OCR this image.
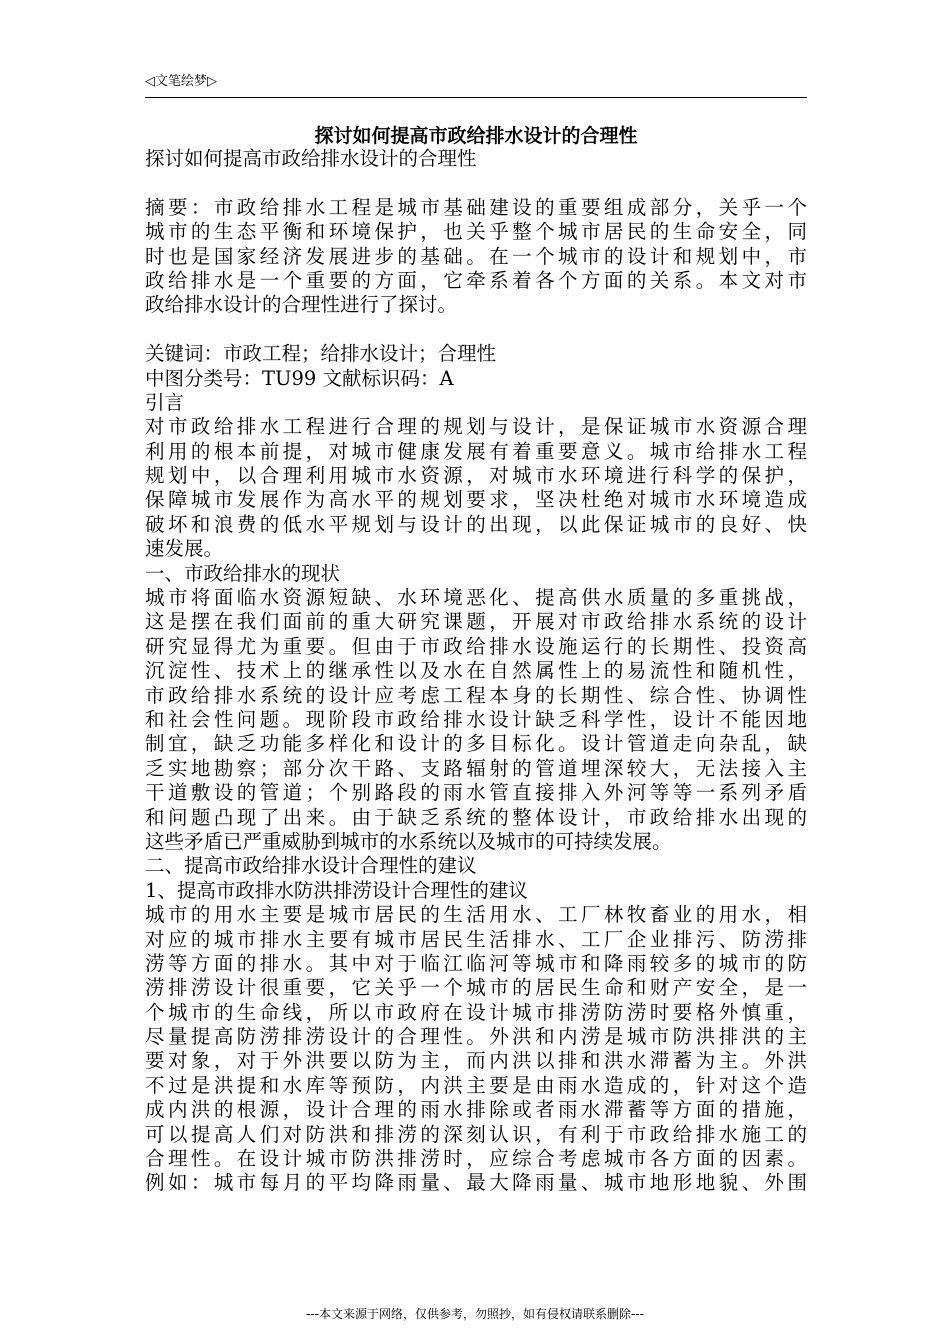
◁文笔绘梦▷
探讨如何提高市政给排水设计的合理性
探讨如何提高市政给排水设计的合理性
摘要：市政给排水工程是城市基础建设的重要组成部分，关乎一个
城市的生态平衡和环境保护，也关乎整个城市居民的生命安全，同
时也是国家经济发展进步的基础。在一个城市的设计和规划中，市
政给排水是一个重要的方面，它牵系着各个方面的关系。本文对市
政给排水设计的合理性进行了探讨。
关键词：市政工程；给排水设计；合理性
中图分类号：TU99 文献标识码：A
引言
对市政给排水工程进行合理的规划与设计，是保证城市水资源合理
利用的根本前提，对城市健康发展有着重要意义。城市给排水工程
规划中，以合理利用城市水资源，对城市水环境进行科学的保护，
保障城市发展作为高水平的规划要求，坚决杜绝对城市水环境造成
破坏和浪费的低水平规划与设计的出现，以此保证城市的良好、快
速发展。
一、市政给排水的现状
城市将面临水资源短缺、水环境恶化、提高供水质量的多重挑战，
这是摆在我们面前的重大研究课题，开展对市政给排水系统的设计
研究显得尤为重要。但由于市政给排水设施运行的长期性、投资高
沉淀性、技术上的继承性以及水在自然属性上的易流性和随机性，
市政给排水系统的设计应考虑工程本身的长期性、综合性、协调性
和社会性问题。现阶段市政给排水设计缺乏科学性，设计不能因地
制宜，缺乏功能多样化和设计的多目标化。设计管道走向杂乱，缺
乏实地勘察；部分次干路、支路辐射的管道埋深较大，无法接入主
干道敷设的管道；个别路段的雨水管直接排入外河等等一系列矛盾
和问题凸现了出来。由于缺乏系统的整体设计，市政给排水出现的
这些矛盾已严重威胁到城市的水系统以及城市的可持续发展。
二、提高市政给排水设计合理性的建议
1、提高市政排水防洪排涝设计合理性的建议
城市的用水主要是城市居民的生活用水、工厂林牧畜业的用水，相
对应的城市排水主要有城市居民生活排水、工厂企业排污、防涝排
涝等方面的排水。其中对于临江临河等城市和降雨较多的城市的防
涝排涝设计很重要，它关乎一个城市的居民生命和财产安全，是一
个城市的生命线，所以市政府在设计城市排涝防涝时要格外慎重，
尽量提高防涝排涝设计的合理性。外洪和内涝是城市防洪排洪的主
要对象，对于外洪要以防为主，而内洪以排和洪水滞蓄为主。外洪
不过是洪提和水库等预防，内洪主要是由雨水造成的，针对这个造
成内洪的根源，设计合理的雨水排除或者雨水滞蓄等方面的措施，
可以提高人们对防洪和排涝的深刻认识，有利于市政给排水施工的
合理性。在设计城市防洪排涝时，应综合考虑城市各方面的因素。
例如：城市每月的平均降雨量、最大降雨量、城市地形地貌、外围
---本文来源于网络，仅供参考，勿照抄，如有侵权请联系删除---
